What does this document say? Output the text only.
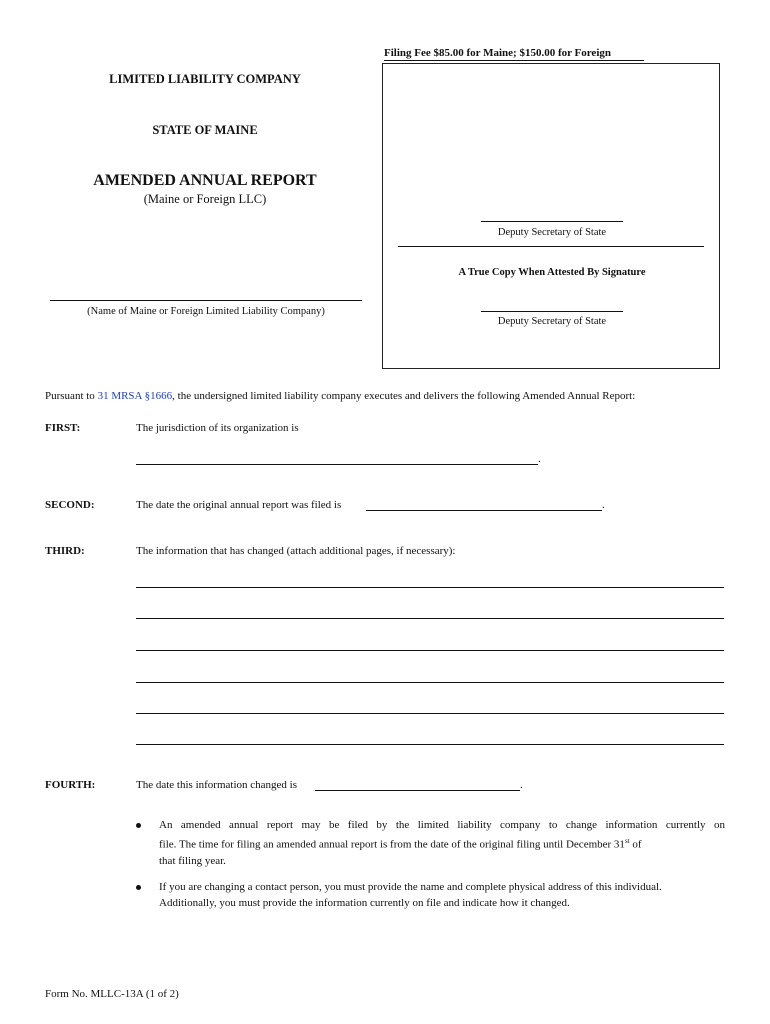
Filing Fee $85.00 for Maine; $150.00 for Foreign
LIMITED LIABILITY COMPANY
STATE OF MAINE
AMENDED ANNUAL REPORT
(Maine or Foreign LLC)
(Name of Maine or Foreign Limited Liability Company)
Deputy Secretary of State
A True Copy When Attested By Signature
Deputy Secretary of State
Pursuant to 31 MRSA §1666, the undersigned limited liability company executes and delivers the following Amended Annual Report:
FIRST:	The jurisdiction of its organization is
.
SECOND:	The date the original annual report was filed is	.
THIRD:	The information that has changed (attach additional pages, if necessary):
FOURTH:	The date this information changed is	.
An amended annual report may be filed by the limited liability company to change information currently on
file. The time for filing an amended annual report is from the date of the original filing until December 31st of
that filing year.
If you are changing a contact person, you must provide the name and complete physical address of this individual.
Additionally, you must provide the information currently on file and indicate how it changed.
Form No. MLLC-13A (1 of 2)
